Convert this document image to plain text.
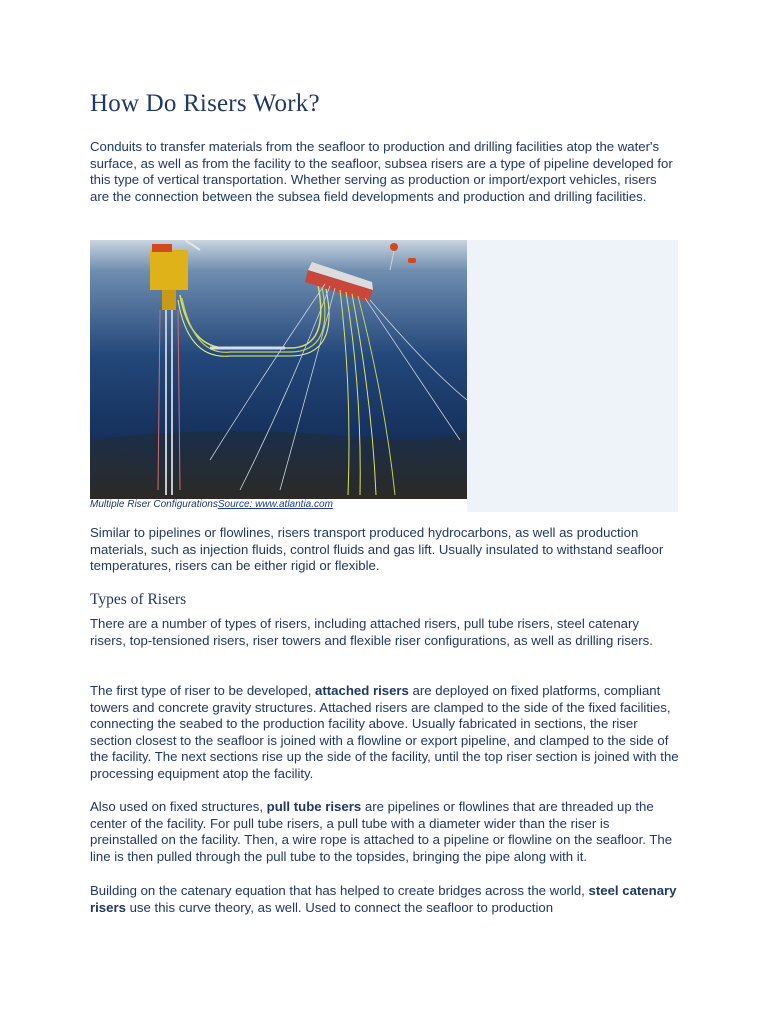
How Do Risers Work?

Conduits to transfer materials from the seafloor to production and drilling facilities atop the water's surface, as well as from the facility to the seafloor, subsea risers are a type of pipeline developed for this type of vertical transportation. Whether serving as production or import/export vehicles, risers are the connection between the subsea field developments and production and drilling facilities.

Multiple Riser ConfigurationsSource: www.atlantia.com

Similar to pipelines or flowlines, risers transport produced hydrocarbons, as well as production materials, such as injection fluids, control fluids and gas lift. Usually insulated to withstand seafloor temperatures, risers can be either rigid or flexible.

Types of Risers

There are a number of types of risers, including attached risers, pull tube risers, steel catenary risers, top-tensioned risers, riser towers and flexible riser configurations, as well as drilling risers.

The first type of riser to be developed, attached risers are deployed on fixed platforms, compliant towers and concrete gravity structures. Attached risers are clamped to the side of the fixed facilities, connecting the seabed to the production facility above. Usually fabricated in sections, the riser section closest to the seafloor is joined with a flowline or export pipeline, and clamped to the side of the facility. The next sections rise up the side of the facility, until the top riser section is joined with the processing equipment atop the facility.

Also used on fixed structures, pull tube risers are pipelines or flowlines that are threaded up the center of the facility. For pull tube risers, a pull tube with a diameter wider than the riser is preinstalled on the facility. Then, a wire rope is attached to a pipeline or flowline on the seafloor. The line is then pulled through the pull tube to the topsides, bringing the pipe along with it.

Building on the catenary equation that has helped to create bridges across the world, steel catenary risers use this curve theory, as well. Used to connect the seafloor to production
